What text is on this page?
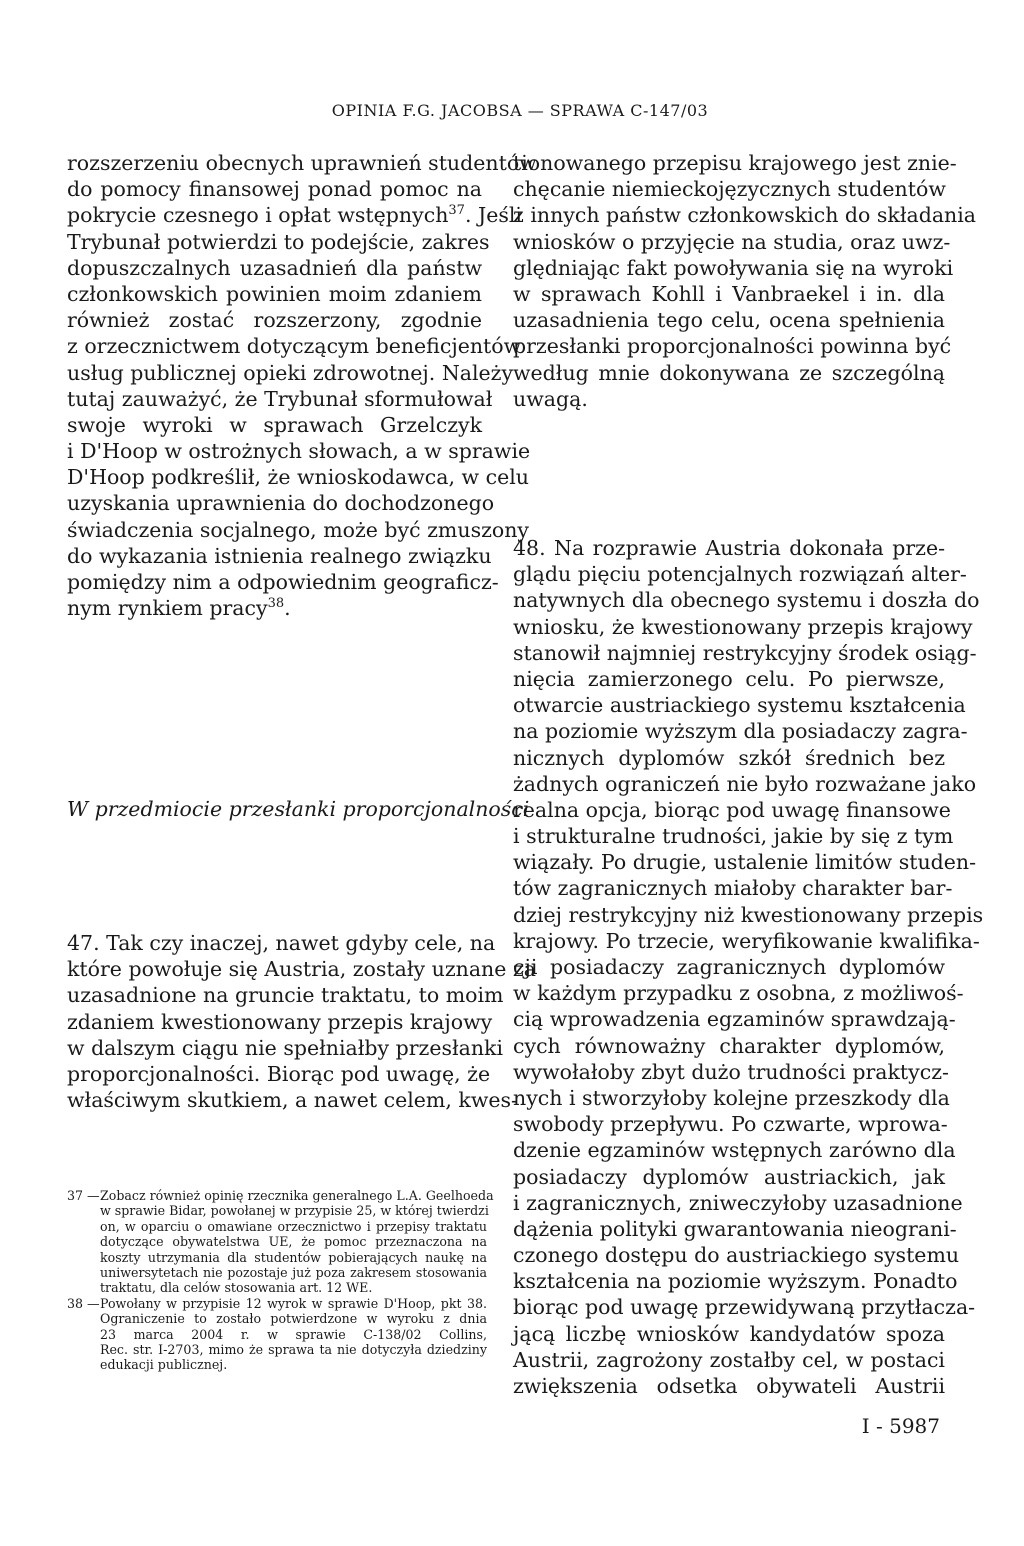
OPINIA F.G. JACOBSA — SPRAWA C-147/03
rozszerzeniu obecnych uprawnień studentów
do pomocy finansowej ponad pomoc na
pokrycie czesnego i opłat wstępnych$^{37}$. Jeśli
Trybunał potwierdzi to podejście, zakres
dopuszczalnych uzasadnień dla państw
członkowskich powinien moim zdaniem
również zostać rozszerzony, zgodnie
z orzecznictwem dotyczącym beneficjentów
usług publicznej opieki zdrowotnej. Należy
tutaj zauważyć, że Trybunał sformułował
swoje wyroki w sprawach Grzelczyk
i D'Hoop w ostrożnych słowach, a w sprawie
D'Hoop podkreślił, że wnioskodawca, w celu
uzyskania uprawnienia do dochodzonego
świadczenia socjalnego, może być zmuszony
do wykazania istnienia realnego związku
pomiędzy nim a odpowiednim geograficz-
nym rynkiem pracy$^{38}$.
W przedmiocie przesłanki proporcjonalności
47. Tak czy inaczej, nawet gdyby cele, na
które powołuje się Austria, zostały uznane za
uzasadnione na gruncie traktatu, to moim
zdaniem kwestionowany przepis krajowy
w dalszym ciągu nie spełniałby przesłanki
proporcjonalności. Biorąc pod uwagę, że
właściwym skutkiem, a nawet celem, kwes-
tionowanego przepisu krajowego jest znie-
chęcanie niemieckojęzycznych studentów
z innych państw członkowskich do składania
wniosków o przyjęcie na studia, oraz uwz-
ględniając fakt powoływania się na wyroki
w sprawach Kohll i Vanbraekel i in. dla
uzasadnienia tego celu, ocena spełnienia
przesłanki proporcjonalności powinna być
według mnie dokonywana ze szczególną
uwagą.
48. Na rozprawie Austria dokonała prze-
glądu pięciu potencjalnych rozwiązań alter-
natywnych dla obecnego systemu i doszła do
wniosku, że kwestionowany przepis krajowy
stanowił najmniej restrykcyjny środek osiąg-
nięcia zamierzonego celu. Po pierwsze,
otwarcie austriackiego systemu kształcenia
na poziomie wyższym dla posiadaczy zagra-
nicznych dyplomów szkół średnich bez
żadnych ograniczeń nie było rozważane jako
realna opcja, biorąc pod uwagę finansowe
i strukturalne trudności, jakie by się z tym
wiązały. Po drugie, ustalenie limitów studen-
tów zagranicznych miałoby charakter bar-
dziej restrykcyjny niż kwestionowany przepis
krajowy. Po trzecie, weryfikowanie kwalifika-
cji posiadaczy zagranicznych dyplomów
w każdym przypadku z osobna, z możliwoś-
cią wprowadzenia egzaminów sprawdzają-
cych równoważny charakter dyplomów,
wywołałoby zbyt dużo trudności praktycz-
nych i stworzyłoby kolejne przeszkody dla
swobody przepływu. Po czwarte, wprowa-
dzenie egzaminów wstępnych zarówno dla
posiadaczy dyplomów austriackich, jak
i zagranicznych, zniweczyłoby uzasadnione
dążenia polityki gwarantowania nieograni-
czonego dostępu do austriackiego systemu
kształcenia na poziomie wyższym. Ponadto
biorąc pod uwagę przewidywaną przytłacza-
jącą liczbę wniosków kandydatów spoza
Austrii, zagrożony zostałby cel, w postaci
zwiększenia odsetka obywateli Austrii
37 — Zobacz również opinię rzecznika generalnego L.A. Geelhoeda
w sprawie Bidar, powołanej w przypisie 25, w której twierdzi
on, w oparciu o omawiane orzecznictwo i przepisy traktatu
dotyczące obywatelstwa UE, że pomoc przeznaczona na
koszty utrzymania dla studentów pobierających naukę na
uniwersytetach nie pozostaje już poza zakresem stosowania
traktatu, dla celów stosowania art. 12 WE.
38 — Powołany w przypisie 12 wyrok w sprawie D'Hoop, pkt 38.
Ograniczenie to zostało potwierdzone w wyroku z dnia
23 marca 2004 r. w sprawie C-138/02 Collins,
Rec. str. I-2703, mimo że sprawa ta nie dotyczyła dziedziny
edukacji publicznej.
I - 5987
